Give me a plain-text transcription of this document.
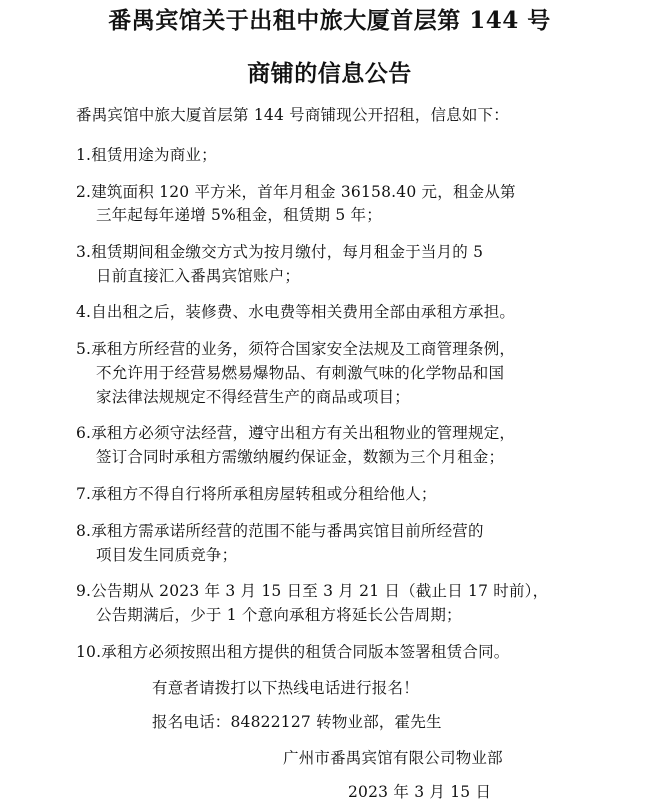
番禺宾馆关于出租中旅大厦首层第 144 号
商铺的信息公告
番禺宾馆中旅大厦首层第 144 号商铺现公开招租，信息如下：
1.租赁用途为商业；
2.建筑面积 120 平方米，首年月租金 36158.40 元，租金从第
三年起每年递增 5%租金，租赁期 5 年；
3.租赁期间租金缴交方式为按月缴付，每月租金于当月的 5
日前直接汇入番禺宾馆账户；
4.自出租之后，装修费、水电费等相关费用全部由承租方承担。
5.承租方所经营的业务，须符合国家安全法规及工商管理条例，
不允许用于经营易燃易爆物品、有刺激气味的化学物品和国
家法律法规规定不得经营生产的商品或项目；
6.承租方必须守法经营，遵守出租方有关出租物业的管理规定，
签订合同时承租方需缴纳履约保证金，数额为三个月租金；
7.承租方不得自行将所承租房屋转租或分租给他人；
8.承租方需承诺所经营的范围不能与番禺宾馆目前所经营的
项目发生同质竞争；
9.公告期从 2023 年 3 月 15 日至 3 月 21 日（截止日 17 时前），
公告期满后，少于 1 个意向承租方将延长公告周期；
10.承租方必须按照出租方提供的租赁合同版本签署租赁合同。
有意者请拨打以下热线电话进行报名！
报名电话：84822127 转物业部，霍先生
广州市番禺宾馆有限公司物业部
2023 年 3 月 15 日
